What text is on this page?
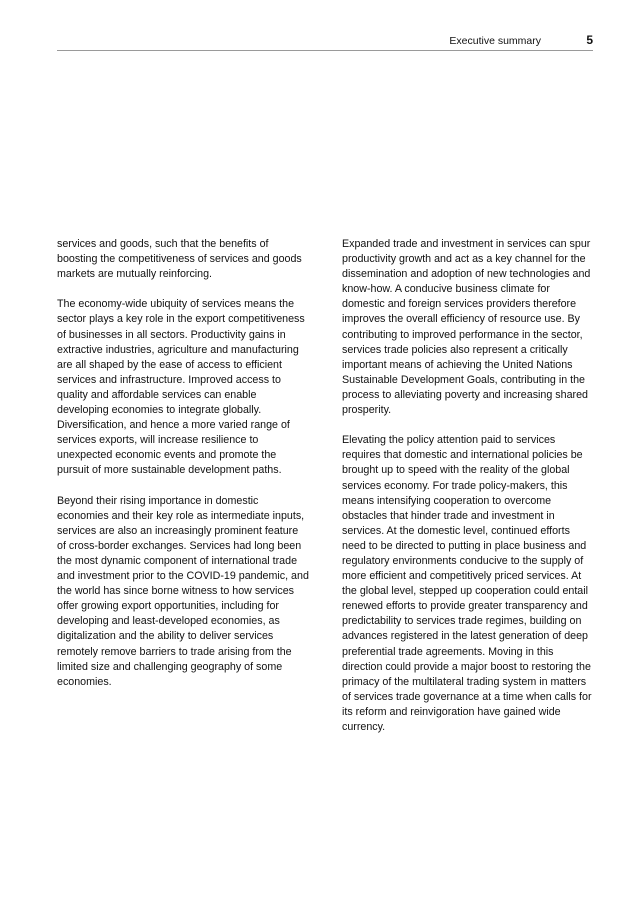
Executive summary	5

services and goods, such that the benefits of boosting the competitiveness of services and goods markets are mutually reinforcing.

The economy-wide ubiquity of services means the sector plays a key role in the export competitiveness of businesses in all sectors. Productivity gains in extractive industries, agriculture and manufacturing are all shaped by the ease of access to efficient services and infrastructure. Improved access to quality and affordable services can enable developing economies to integrate globally. Diversification, and hence a more varied range of services exports, will increase resilience to unexpected economic events and promote the pursuit of more sustainable development paths.

Beyond their rising importance in domestic economies and their key role as intermediate inputs, services are also an increasingly prominent feature of cross-border exchanges. Services had long been the most dynamic component of international trade and investment prior to the COVID-19 pandemic, and the world has since borne witness to how services offer growing export opportunities, including for developing and least-developed economies, as digitalization and the ability to deliver services remotely remove barriers to trade arising from the limited size and challenging geography of some economies.

Expanded trade and investment in services can spur productivity growth and act as a key channel for the dissemination and adoption of new technologies and know-how. A conducive business climate for domestic and foreign services providers therefore improves the overall efficiency of resource use. By contributing to improved performance in the sector, services trade policies also represent a critically important means of achieving the United Nations Sustainable Development Goals, contributing in the process to alleviating poverty and increasing shared prosperity.

Elevating the policy attention paid to services requires that domestic and international policies be brought up to speed with the reality of the global services economy. For trade policy-makers, this means intensifying cooperation to overcome obstacles that hinder trade and investment in services. At the domestic level, continued efforts need to be directed to putting in place business and regulatory environments conducive to the supply of more efficient and competitively priced services. At the global level, stepped up cooperation could entail renewed efforts to provide greater transparency and predictability to services trade regimes, building on advances registered in the latest generation of deep preferential trade agreements. Moving in this direction could provide a major boost to restoring the primacy of the multilateral trading system in matters of services trade governance at a time when calls for its reform and reinvigoration have gained wide currency.
